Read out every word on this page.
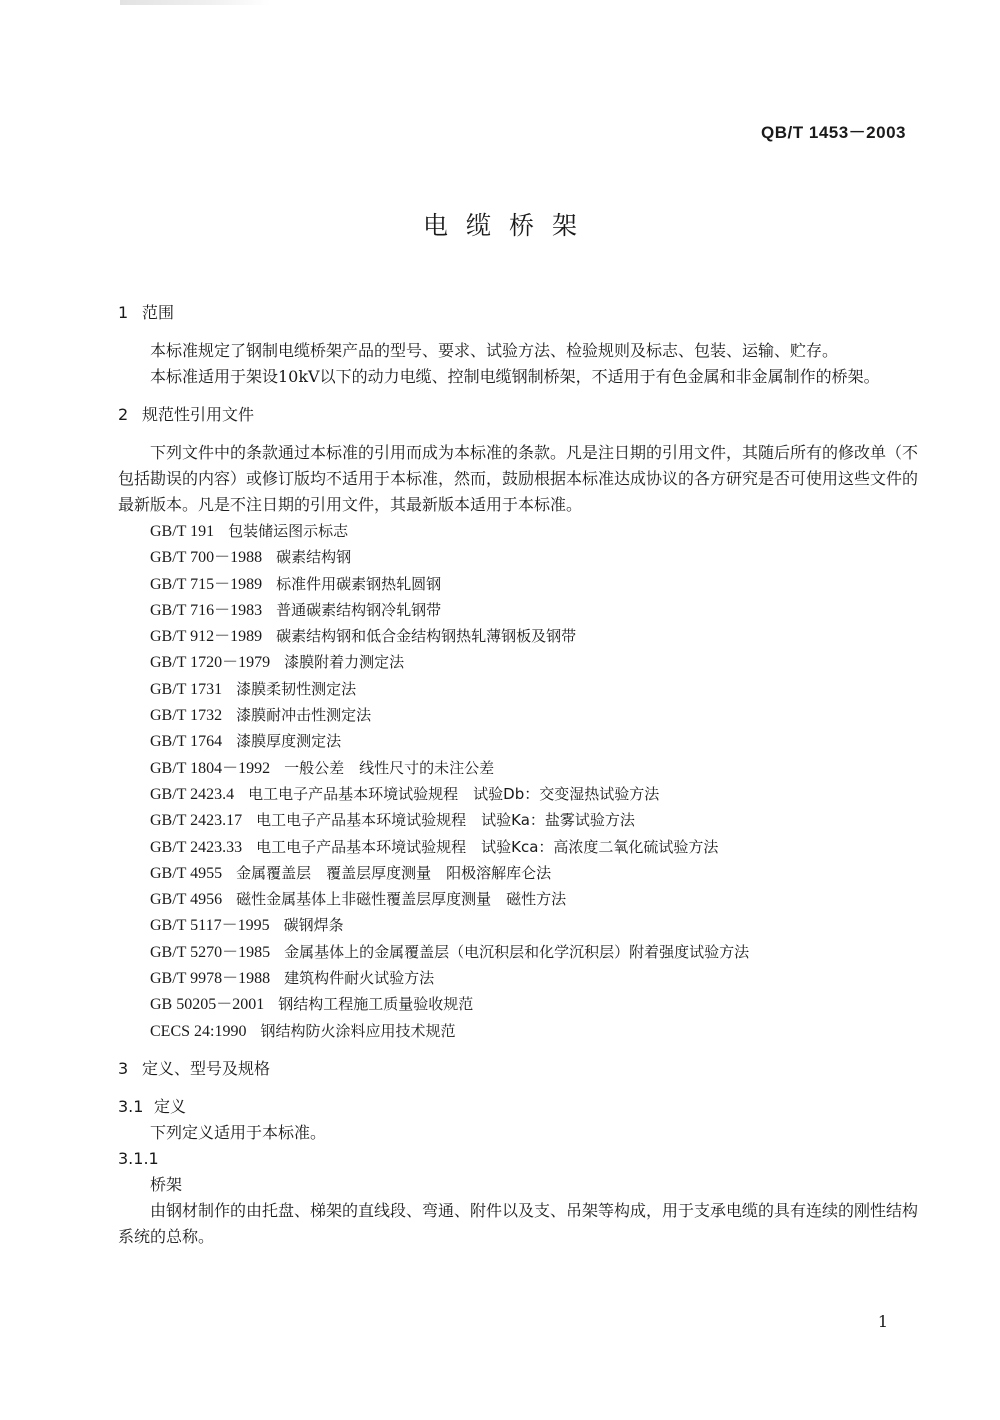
QB/T 1453－2003
电缆桥架

1 范围

本标准规定了钢制电缆桥架产品的型号、要求、试验方法、检验规则及标志、包装、运输、贮存。

本标准适用于架设10kV以下的动力电缆、控制电缆钢制桥架，不适用于有色金属和非金属制作的桥架。

2 规范性引用文件

下列文件中的条款通过本标准的引用而成为本标准的条款。凡是注日期的引用文件，其随后所有的修改单（不包括勘误的内容）或修订版均不适用于本标准，然而，鼓励根据本标准达成协议的各方研究是否可使用这些文件的最新版本。凡是不注日期的引用文件，其最新版本适用于本标准。

GB/T 191 包装储运图示标志
GB/T 700－1988 碳素结构钢
GB/T 715－1989 标准件用碳素钢热轧圆钢
GB/T 716－1983 普通碳素结构钢冷轧钢带
GB/T 912－1989 碳素结构钢和低合金结构钢热轧薄钢板及钢带
GB/T 1720－1979 漆膜附着力测定法
GB/T 1731 漆膜柔韧性测定法
GB/T 1732 漆膜耐冲击性测定法
GB/T 1764 漆膜厚度测定法
GB/T 1804－1992 一般公差　线性尺寸的未注公差
GB/T 2423.4 电工电子产品基本环境试验规程　试验Db：交变湿热试验方法
GB/T 2423.17 电工电子产品基本环境试验规程　试验Ka：盐雾试验方法
GB/T 2423.33 电工电子产品基本环境试验规程　试验Kca：高浓度二氧化硫试验方法
GB/T 4955 金属覆盖层　覆盖层厚度测量　阳极溶解库仑法
GB/T 4956 磁性金属基体上非磁性覆盖层厚度测量　磁性方法
GB/T 5117－1995 碳钢焊条
GB/T 5270－1985 金属基体上的金属覆盖层（电沉积层和化学沉积层）附着强度试验方法
GB/T 9978－1988 建筑构件耐火试验方法
GB 50205－2001 钢结构工程施工质量验收规范
CECS 24:1990 钢结构防火涂料应用技术规范

3 定义、型号及规格

3.1 定义

下列定义适用于本标准。

3.1.1

桥架

由钢材制作的由托盘、梯架的直线段、弯通、附件以及支、吊架等构成，用于支承电缆的具有连续的刚性结构系统的总称。

1
